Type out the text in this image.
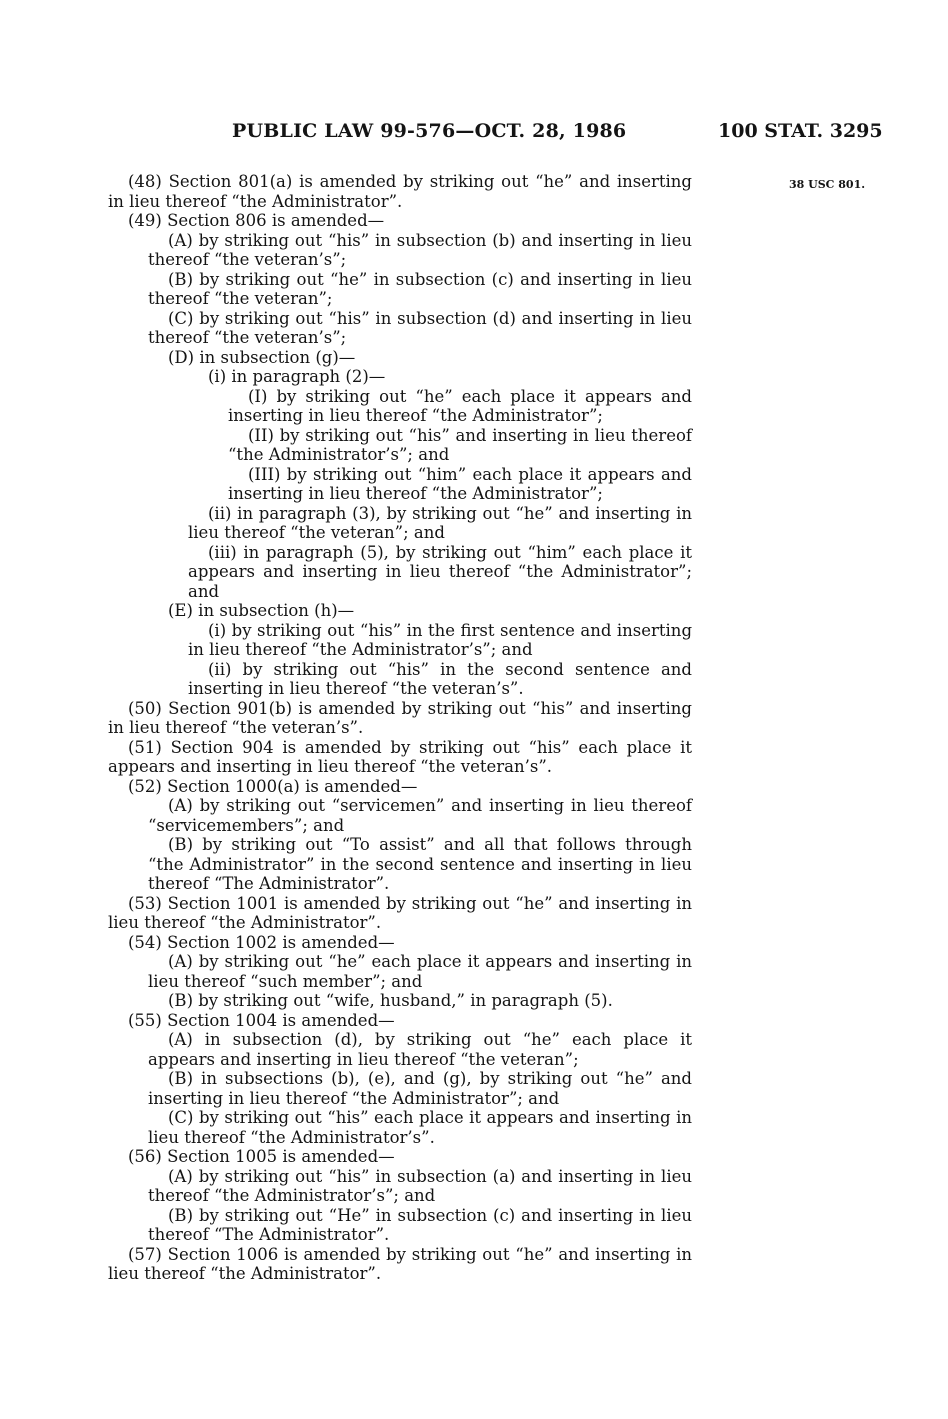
PUBLIC LAW 99-576—OCT. 28, 1986	100 STAT. 3295
38 USC 801.

(48) Section 801(a) is amended by striking out “he” and inserting in lieu thereof “the Administrator”.

(49) Section 806 is amended—

(A) by striking out “his” in subsection (b) and inserting in lieu thereof “the veteran’s”;

(B) by striking out “he” in subsection (c) and inserting in lieu thereof “the veteran”;

(C) by striking out “his” in subsection (d) and inserting in lieu thereof “the veteran’s”;

(D) in subsection (g)—

(i) in paragraph (2)—

(I) by striking out “he” each place it appears and inserting in lieu thereof “the Administrator”;

(II) by striking out “his” and inserting in lieu thereof “the Administrator’s”; and

(III) by striking out “him” each place it appears and inserting in lieu thereof “the Administrator”;

(ii) in paragraph (3), by striking out “he” and inserting in lieu thereof “the veteran”; and

(iii) in paragraph (5), by striking out “him” each place it appears and inserting in lieu thereof “the Administrator”; and

(E) in subsection (h)—

(i) by striking out “his” in the first sentence and inserting in lieu thereof “the Administrator’s”; and

(ii) by striking out “his” in the second sentence and inserting in lieu thereof “the veteran’s”.

(50) Section 901(b) is amended by striking out “his” and inserting in lieu thereof “the veteran’s”.

(51) Section 904 is amended by striking out “his” each place it appears and inserting in lieu thereof “the veteran’s”.

(52) Section 1000(a) is amended—

(A) by striking out “servicemen” and inserting in lieu thereof “servicemembers”; and

(B) by striking out “To assist” and all that follows through “the Administrator” in the second sentence and inserting in lieu thereof “The Administrator”.

(53) Section 1001 is amended by striking out “he” and inserting in lieu thereof “the Administrator”.

(54) Section 1002 is amended—

(A) by striking out “he” each place it appears and inserting in lieu thereof “such member”; and

(B) by striking out “wife, husband,” in paragraph (5).

(55) Section 1004 is amended—

(A) in subsection (d), by striking out “he” each place it appears and inserting in lieu thereof “the veteran”;

(B) in subsections (b), (e), and (g), by striking out “he” and inserting in lieu thereof “the Administrator”; and

(C) by striking out “his” each place it appears and inserting in lieu thereof “the Administrator’s”.

(56) Section 1005 is amended—

(A) by striking out “his” in subsection (a) and inserting in lieu thereof “the Administrator’s”; and

(B) by striking out “He” in subsection (c) and inserting in lieu thereof “The Administrator”.

(57) Section 1006 is amended by striking out “he” and inserting in lieu thereof “the Administrator”.
